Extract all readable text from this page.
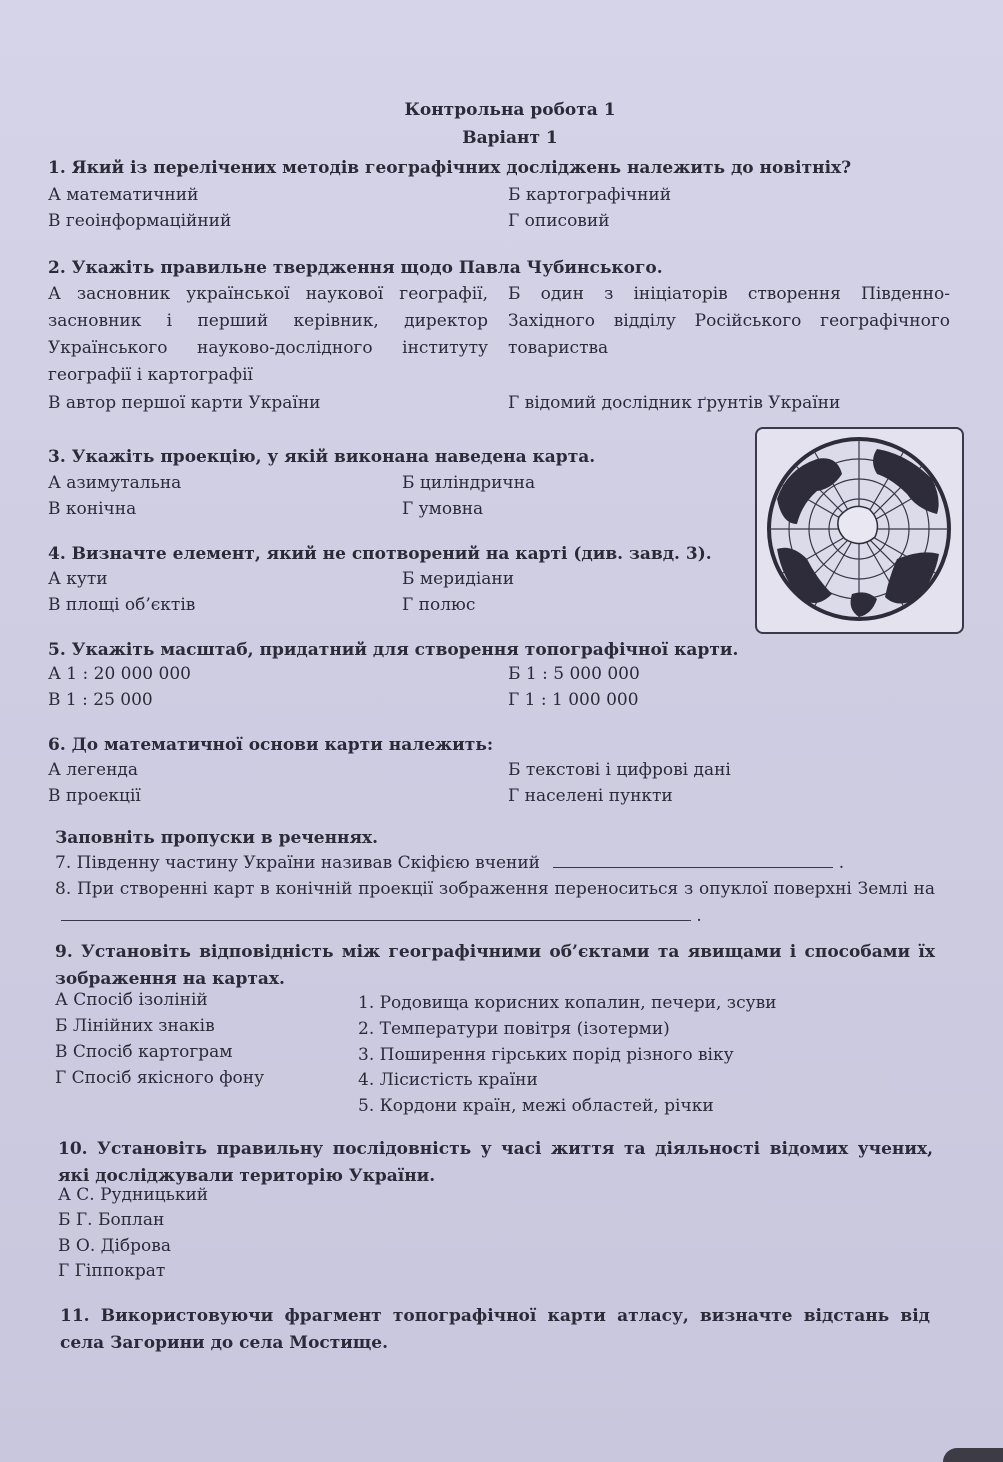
Контрольна робота 1
Варіант 1
1. Який із перелічених методів географічних досліджень належить до новітніх?
А математичний	Б картографічний
В геоінформаційний	Г описовий
2. Укажіть правильне твердження щодо Павла Чубинського.
А засновник української наукової географії, засновник і перший керівник, директор Українського науково-дослідного інституту географії і картографії
Б один з ініціаторів створення Південно-Західного відділу Російського географічного товариства
В автор першої карти України	Г відомий дослідник ґрунтів України
3. Укажіть проекцію, у якій виконана наведена карта.
А азимутальна	Б циліндрична
В конічна	Г умовна
4. Визначте елемент, який не спотворений на карті (див. завд. 3).
А кути	Б меридіани
В площі об’єктів	Г полюс
5. Укажіть масштаб, придатний для створення топографічної карти.
А 1 : 20 000 000	Б 1 : 5 000 000
В 1 : 25 000	Г 1 : 1 000 000
6. До математичної основи карти належить:
А легенда	Б текстові і цифрові дані
В проекції	Г населені пункти
Заповніть пропуски в реченнях.
7. Південну частину України називав Скіфією вчений	.
8. При створенні карт в конічній проекції зображення переноситься з опуклої поверхні Землі на  .
9. Установіть відповідність між географічними об’єктами та явищами і способами їх зображення на картах.
А Спосіб ізоліній
Б Лінійних знаків
В Спосіб картограм
Г Спосіб якісного фону
1. Родовища корисних копалин, печери, зсуви
2. Температури повітря (ізотерми)
3. Поширення гірських порід різного віку
4. Лісистість країни
5. Кордони країн, межі областей, річки
10. Установіть правильну послідовність у часі життя та діяльності відомих учених, які досліджували територію України.
А С. Рудницький
Б Г. Боплан
В О. Діброва
Г Гіппократ
11. Використовуючи фрагмент топографічної карти атласу, визначте відстань від села Загорини до села Мостище.
